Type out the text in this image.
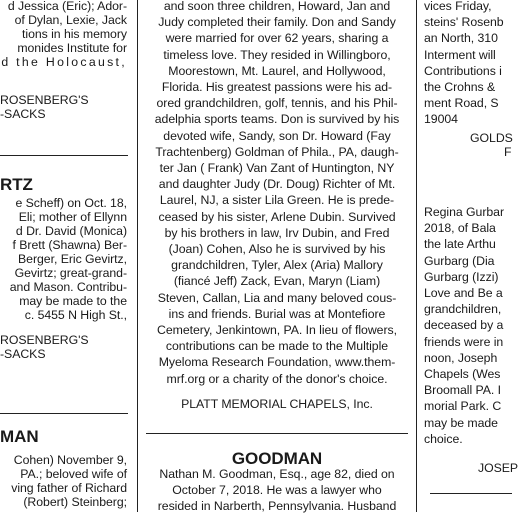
d Jessica (Eric); Ador-
of Dylan, Lexie, Jack
tions in his memory
monides Institute for
d the Holocaust,
ROSENBERG'S
-SACKS
RTZ
e Scheff) on Oct. 18,
Eli; mother of Ellynn
d Dr. David (Monica)
f Brett (Shawna) Ber-
Berger, Eric Gevirtz,
Gevirtz; great-grand-
and Mason. Contribu-
may be made to the
c. 5455 N High St.,
ROSENBERG'S
-SACKS
MAN
Cohen) November 9,
PA.; beloved wife of
ving father of Richard
(Robert) Steinberg;
and soon three children, Howard, Jan and
Judy completed their family. Don and Sandy
were married for over 62 years, sharing a
timeless love. They resided in Willingboro,
Moorestown, Mt. Laurel, and Hollywood,
Florida. His greatest passions were his ad-
ored grandchildren, golf, tennis, and his Phil-
adelphia sports teams. Don is survived by his
devoted wife, Sandy, son Dr. Howard (Fay
Trachtenberg) Goldman of Phila., PA, daugh-
ter Jan ( Frank) Van Zant of Huntington, NY
and daughter Judy (Dr. Doug) Richter of Mt.
Laurel, NJ, a sister Lila Green. He is prede-
ceased by his sister, Arlene Dubin. Survived
by his brothers in law, Irv Dubin, and Fred
(Joan) Cohen, Also he is survived by his
grandchildren, Tyler, Alex (Aria) Mallory
(fiancé Jeff) Zack, Evan, Maryn (Liam)
Steven, Callan, Lia and many beloved cous-
ins and friends. Burial was at Montefiore
Cemetery, Jenkintown, PA. In lieu of flowers,
contributions can be made to the Multiple
Myeloma Research Foundation, www.them-
mrf.org or a charity of the donor's choice.
PLATT MEMORIAL CHAPELS, Inc.
GOODMAN
Nathan M. Goodman, Esq., age 82, died on
October 7, 2018. He was a lawyer who
resided in Narberth, Pennsylvania. Husband
vices Friday,
steins' Rosenb
an North, 310
Interment will
Contributions i
the Crohns &
ment Road, S
19004
GOLDS
F
Regina Gurbar
2018, of Bala
the late Arthu
Gurbarg (Dia
Gurbarg (Izzi)
Love and Be a
grandchildren,
deceased by a
friends were in
noon, Joseph
Chapels (Wes
Broomall PA. I
morial Park. C
may be made
choice.
JOSEP
